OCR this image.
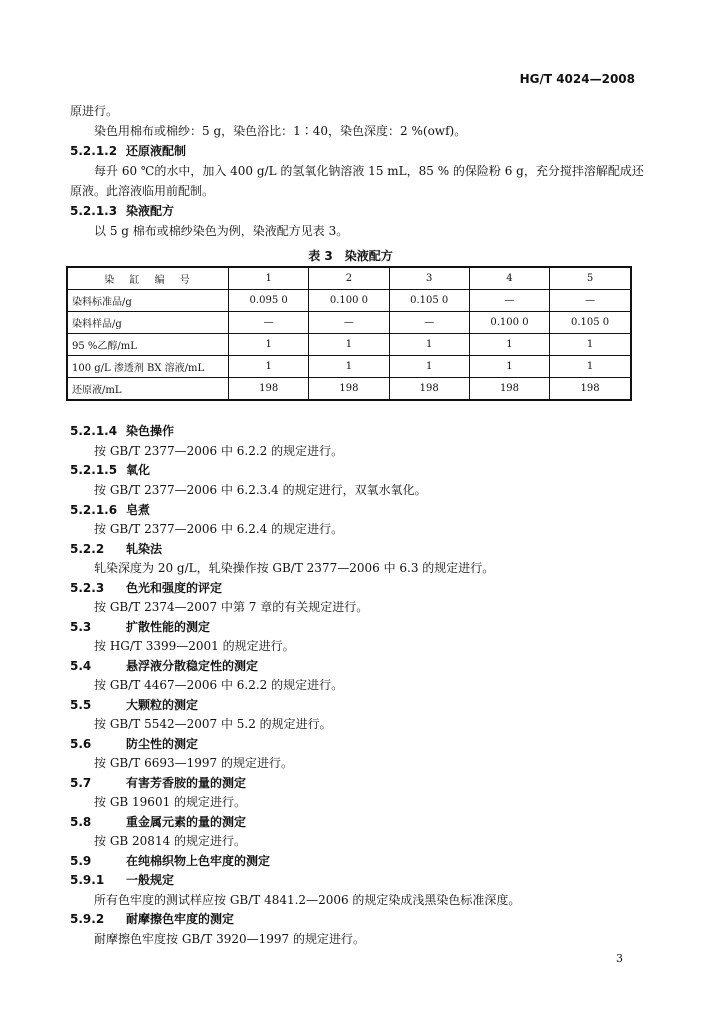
HG/T 4024—2008
原进行。
染色用棉布或棉纱：5 g，染色浴比：1∶40，染色深度：2 %(owf)。
5.2.1.2 还原液配制
每升 60 ℃的水中，加入 400 g/L 的氢氧化钠溶液 15 mL，85 % 的保险粉 6 g，充分搅拌溶解配成还
原液。此溶液临用前配制。
5.2.1.3 染液配方
以 5 g 棉布或棉纱染色为例，染液配方见表 3。
表 3　染液配方
染 缸 编 号	1	2	3	4	5
染料标准品/g	0.095 0	0.100 0	0.105 0	—	—
染料样品/g	—	—	—	0.100 0	0.105 0
95 %乙醇/mL	1	1	1	1	1
100 g/L 渗透剂 BX 溶液/mL	1	1	1	1	1
还原液/mL	198	198	198	198	198
5.2.1.4 染色操作
按 GB/T 2377—2006 中 6.2.2 的规定进行。
5.2.1.5 氧化
按 GB/T 2377—2006 中 6.2.3.4 的规定进行，双氧水氧化。
5.2.1.6 皂煮
按 GB/T 2377—2006 中 6.2.4 的规定进行。
5.2.2 轧染法
轧染深度为 20 g/L，轧染操作按 GB/T 2377—2006 中 6.3 的规定进行。
5.2.3 色光和强度的评定
按 GB/T 2374—2007 中第 7 章的有关规定进行。
5.3	扩散性能的测定
按 HG/T 3399—2001 的规定进行。
5.4	悬浮液分散稳定性的测定
按 GB/T 4467—2006 中 6.2.2 的规定进行。
5.5	大颗粒的测定
按 GB/T 5542—2007 中 5.2 的规定进行。
5.6	防尘性的测定
按 GB/T 6693—1997 的规定进行。
5.7	有害芳香胺的量的测定
按 GB 19601 的规定进行。
5.8	重金属元素的量的测定
按 GB 20814 的规定进行。
5.9	在纯棉织物上色牢度的测定
5.9.1 一般规定
所有色牢度的测试样应按 GB/T 4841.2—2006 的规定染成浅黑染色标准深度。
5.9.2 耐摩擦色牢度的测定
耐摩擦色牢度按 GB/T 3920—1997 的规定进行。
3
